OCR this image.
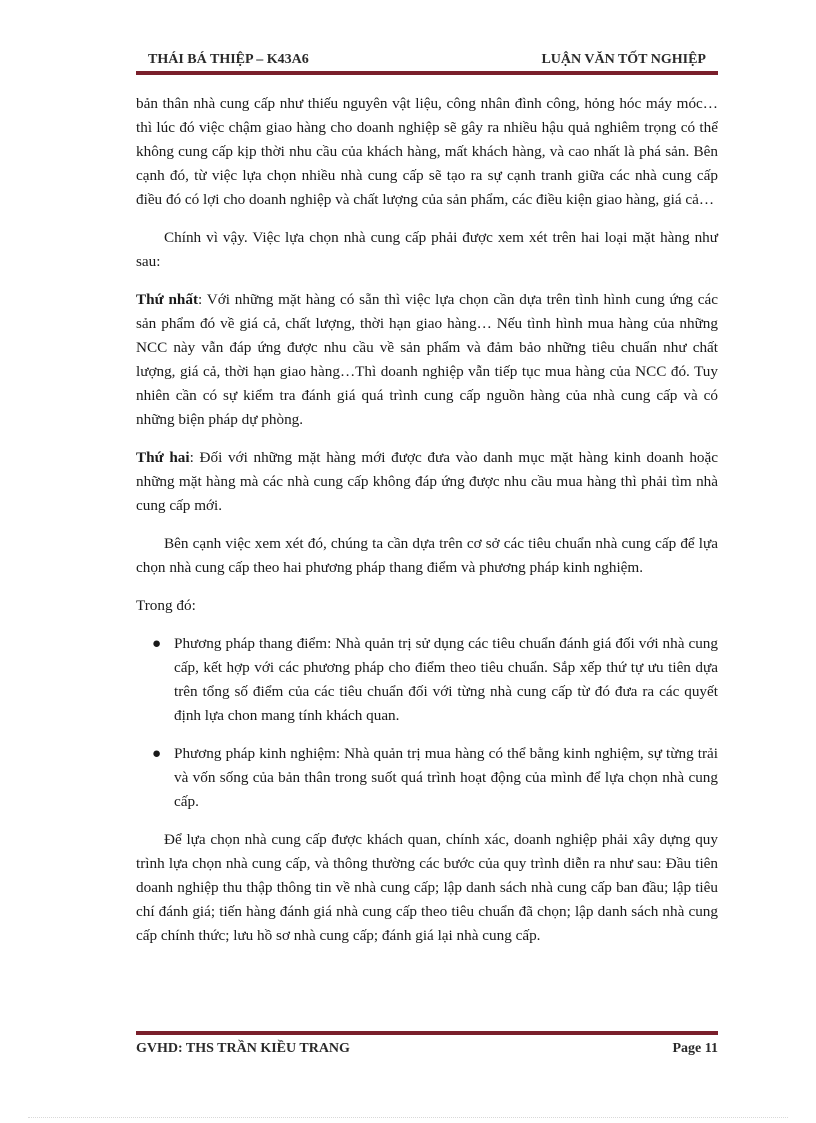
THÁI BÁ THIỆP – K43A6	LUẬN VĂN TỐT NGHIỆP

bản thân nhà cung cấp như thiếu nguyên vật liệu, công nhân đình công, hỏng hóc máy móc…thì lúc đó việc chậm giao hàng cho doanh nghiệp sẽ gây ra nhiều hậu quả nghiêm trọng có thể không cung cấp kịp thời nhu cầu của khách hàng, mất khách hàng, và cao nhất là phá sản. Bên cạnh đó, từ việc lựa chọn nhiều nhà cung cấp sẽ tạo ra sự cạnh tranh giữa các nhà cung cấp điều đó có lợi cho doanh nghiệp và chất lượng của sản phẩm, các điều kiện giao hàng, giá cả…

Chính vì vậy. Việc lựa chọn nhà cung cấp phải được xem xét trên hai loại mặt hàng như sau:

Thứ nhất: Với những mặt hàng có sẵn thì việc lựa chọn cần dựa trên tình hình cung ứng các sản phẩm đó về giá cả, chất lượng, thời hạn giao hàng… Nếu tình hình mua hàng của những NCC này vẫn đáp ứng được nhu cầu về sản phẩm và đảm bảo những tiêu chuẩn như chất lượng, giá cả, thời hạn giao hàng…Thì doanh nghiệp vẫn tiếp tục mua hàng của NCC đó. Tuy nhiên cần có sự kiểm tra đánh giá quá trình cung cấp nguồn hàng của nhà cung cấp và có những biện pháp dự phòng.

Thứ hai: Đối với những mặt hàng mới được đưa vào danh mục mặt hàng kinh doanh hoặc những mặt hàng mà các nhà cung cấp không đáp ứng được nhu cầu mua hàng thì phải tìm nhà cung cấp mới.

Bên cạnh việc xem xét đó, chúng ta cần dựa trên cơ sở các tiêu chuẩn nhà cung cấp để lựa chọn nhà cung cấp theo hai phương pháp thang điểm và phương pháp kinh nghiệm.

Trong đó:

● Phương pháp thang điểm: Nhà quản trị sử dụng các tiêu chuẩn đánh giá đối với nhà cung cấp, kết hợp với các phương pháp cho điểm theo tiêu chuẩn. Sắp xếp thứ tự ưu tiên dựa trên tổng số điểm của các tiêu chuẩn đối với từng nhà cung cấp từ đó đưa ra các quyết định lựa chon mang tính khách quan.
● Phương pháp kinh nghiệm: Nhà quản trị mua hàng có thể bằng kinh nghiệm, sự từng trải và vốn sống của bản thân trong suốt quá trình hoạt động của mình để lựa chọn nhà cung cấp.

Để lựa chọn nhà cung cấp được khách quan, chính xác, doanh nghiệp phải xây dựng quy trình lựa chọn nhà cung cấp, và thông thường các bước của quy trình diễn ra như sau: Đầu tiên doanh nghiệp thu thập thông tin về nhà cung cấp; lập danh sách nhà cung cấp ban đầu; lập tiêu chí đánh giá; tiến hàng đánh giá nhà cung cấp theo tiêu chuẩn đã chọn; lập danh sách nhà cung cấp chính thức; lưu hồ sơ nhà cung cấp; đánh giá lại nhà cung cấp.

GVHD: THS TRẦN KIỀU TRANG	Page 11
